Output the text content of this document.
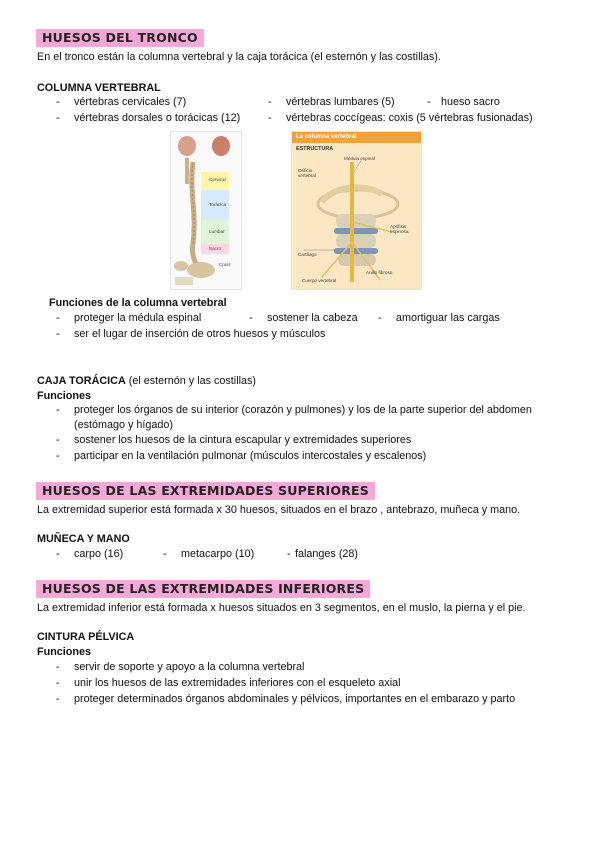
HUESOS DEL TRONCO
En el tronco están la columna vertebral y la caja torácica (el esternón y las costillas).
COLUMNA VERTEBRAL
- vértebras cervicales (7)	- vértebras lumbares (5)	- hueso sacro
- vértebras dorsales o torácicas (12)	- vértebras coccígeas: coxis (5 vértebras fusionadas)
Cervical
Torácica
Lumbar
Sacro
Coxis
La columna vertebral
ESTRUCTURA
Médula espinal
Orificio vertebral
Apófisis espinosa
Cartílago
Anillo fibroso
Cuerpo vertebral
Funciones de la columna vertebral
- proteger la médula espinal	- sostener la cabeza - amortiguar las cargas
- ser el lugar de inserción de otros huesos y músculos
CAJA TORÁCICA (el esternón y las costillas)
Funciones
- proteger los órganos de su interior (corazón y pulmones) y los de la parte superior del abdomen
(estómago y hígado)
- sostener los huesos de la cintura escapular y extremidades superiores
- participar en la ventilación pulmonar (músculos intercostales y escalenos)
HUESOS DE LAS EXTREMIDADES SUPERIORES
La extremidad superior está formada x 30 huesos, situados en el brazo , antebrazo, muñeca y mano.
MUÑECA Y MANO
- carpo (16)	- metacarpo (10)	- falanges (28)
HUESOS DE LAS EXTREMIDADES INFERIORES
La extremidad inferior está formada x huesos situados en 3 segmentos, en el muslo, la pierna y el pie.
CINTURA PÉLVICA
Funciones
- servir de soporte y apoyo a la columna vertebral
- unir los huesos de las extremidades inferiores con el esqueleto axial
- proteger determinados órganos abdominales y pélvicos, importantes en el embarazo y parto
